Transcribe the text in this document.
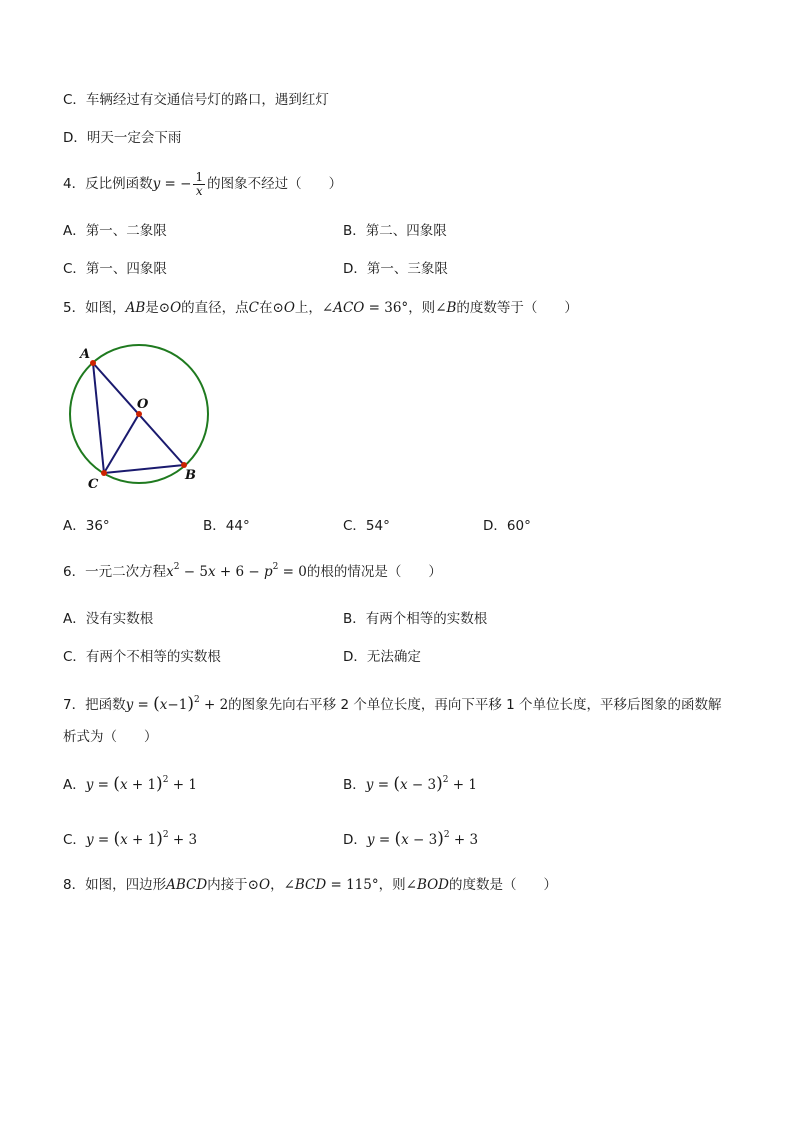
C．车辆经过有交通信号灯的路口，遇到红灯
D．明天一定会下雨
4．反比例函数y = − $\frac{1}{x}$ 的图象不经过（　　）
A．第一、二象限	B．第二、四象限
C．第一、四象限	D．第一、三象限
5．如图，AB是⊙O的直径，点C在⊙O上，∠ACO = 36°，则∠B的度数等于（　　）
A
O
B
C
A．36°	B．44°	C．54°	D．60°
6．一元二次方程$x^2 - 5x + 6 - p^2 = 0$的根的情况是（　　）
A．没有实数根	B．有两个相等的实数根
C．有两个不相等的实数根	D．无法确定
7．把函数$y = (x-1)^2 + 2$的图象先向右平移 2 个单位长度，再向下平移 1 个单位长度，平移后图象的函数解
析式为（　　）
A．$y = (x + 1)^2 + 1$	B．$y = (x - 3)^2 + 1$
C．$y = (x + 1)^2 + 3$	D．$y = (x - 3)^2 + 3$
8．如图，四边形ABCD内接于⊙O，∠BCD = 115°，则∠BOD的度数是（　　）
